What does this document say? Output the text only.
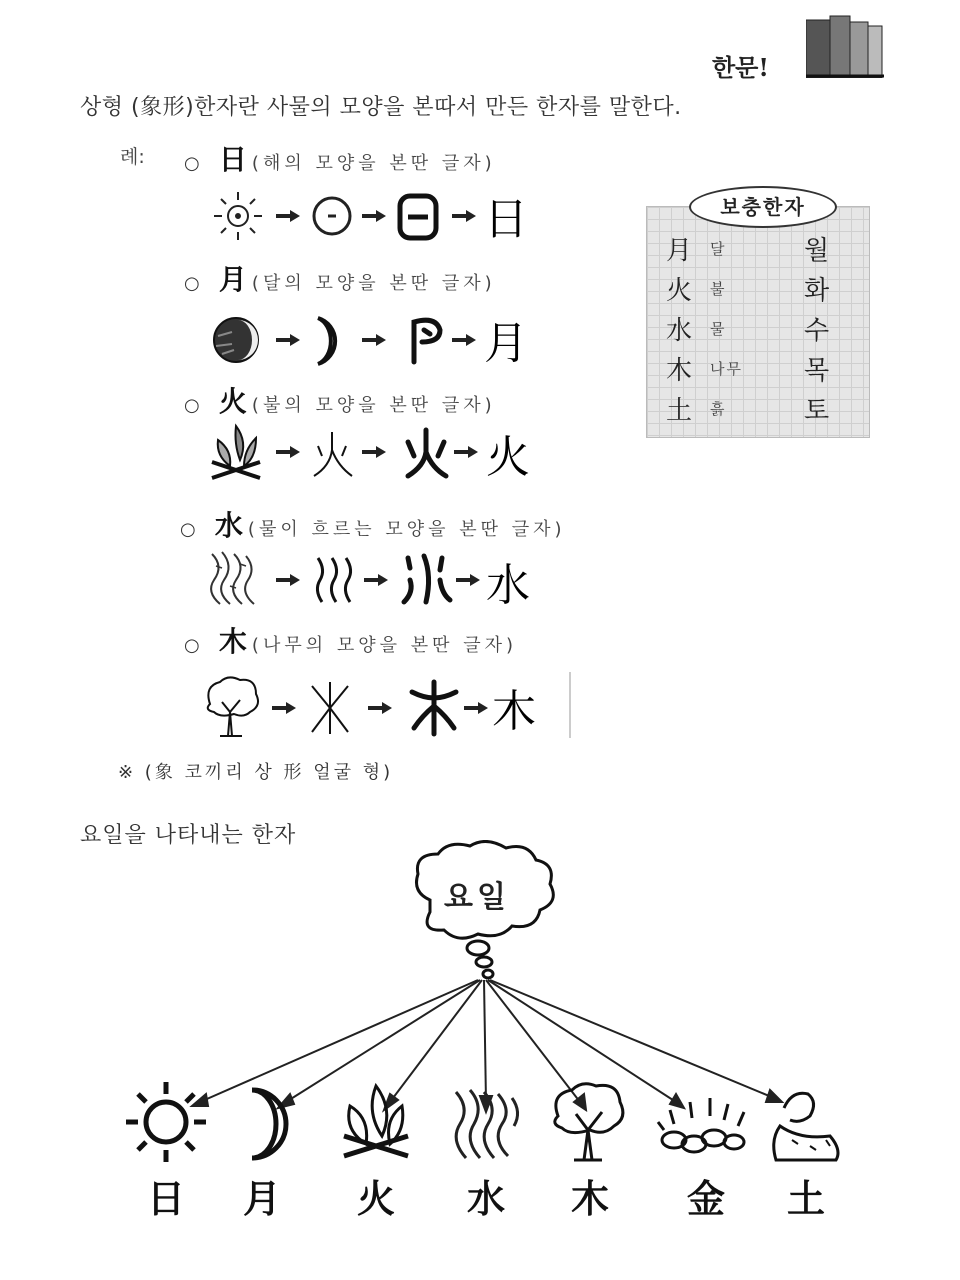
한문!
상형 (象形)한자란 사물의 모양을 본따서 만든 한자를 말한다.
례: ○ 日 (해의 모양을 본딴 글자)
日
○ 月 (달의 모양을 본딴 글자)
月
○ 火 (불의 모양을 본딴 글자)
火
○ 水 (물이 흐르는 모양을 본딴 글자)
水
○ 木 (나무의 모양을 본딴 글자)
木
※ (象 코끼리 상 形 얼굴 형)
보충한자
月 달	월
火 불	화
水 물	수
木 나무 목
土 흙	토
요일을 나타내는 한자
요일
日	月	火	水	木	金	土
